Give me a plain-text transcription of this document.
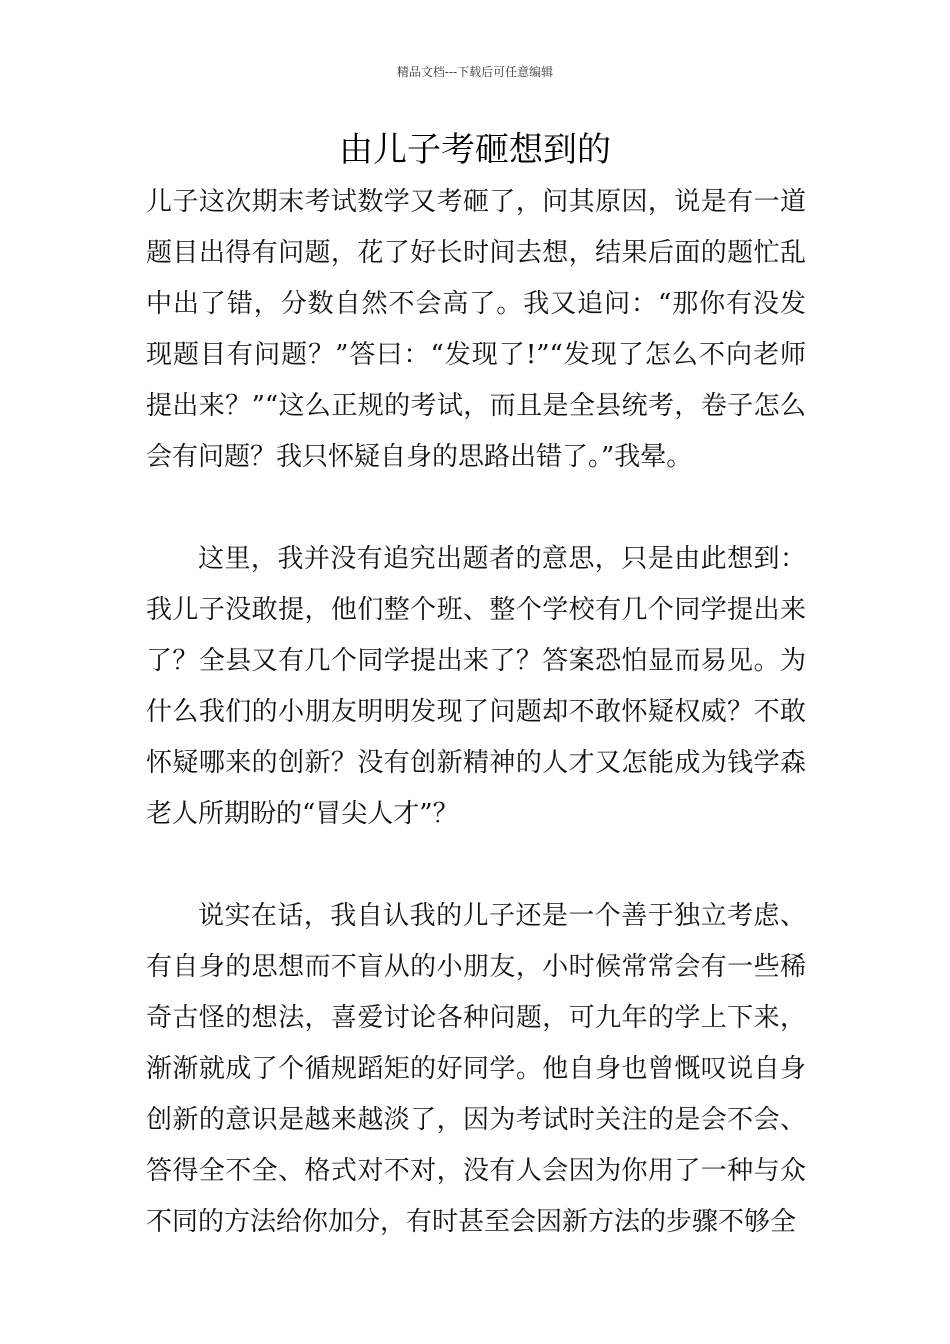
精品文档---下载后可任意编辑
由儿子考砸想到的

儿子这次期末考试数学又考砸了，问其原因，说是有一道题目出得有问题，花了好长时间去想，结果后面的题忙乱中出了错，分数自然不会高了。我又追问：“那你有没发现题目有问题？”答曰：“发现了!”“发现了怎么不向老师提出来？”“这么正规的考试，而且是全县统考，卷子怎么会有问题？我只怀疑自身的思路出错了。”我晕。

这里，我并没有追究出题者的意思，只是由此想到：我儿子没敢提，他们整个班、整个学校有几个同学提出来了？全县又有几个同学提出来了？答案恐怕显而易见。为什么我们的小朋友明明发现了问题却不敢怀疑权威？不敢怀疑哪来的创新？没有创新精神的人才又怎能成为钱学森老人所期盼的“冒尖人才”？

说实在话，我自认我的儿子还是一个善于独立考虑、有自身的思想而不盲从的小朋友，小时候常常会有一些稀奇古怪的想法，喜爱讨论各种问题，可九年的学上下来，渐渐就成了个循规蹈矩的好同学。他自身也曾慨叹说自身创新的意识是越来越淡了，因为考试时关注的是会不会、答得全不全、格式对不对，没有人会因为你用了一种与众不同的方法给你加分，有时甚至会因新方法的步骤不够全
